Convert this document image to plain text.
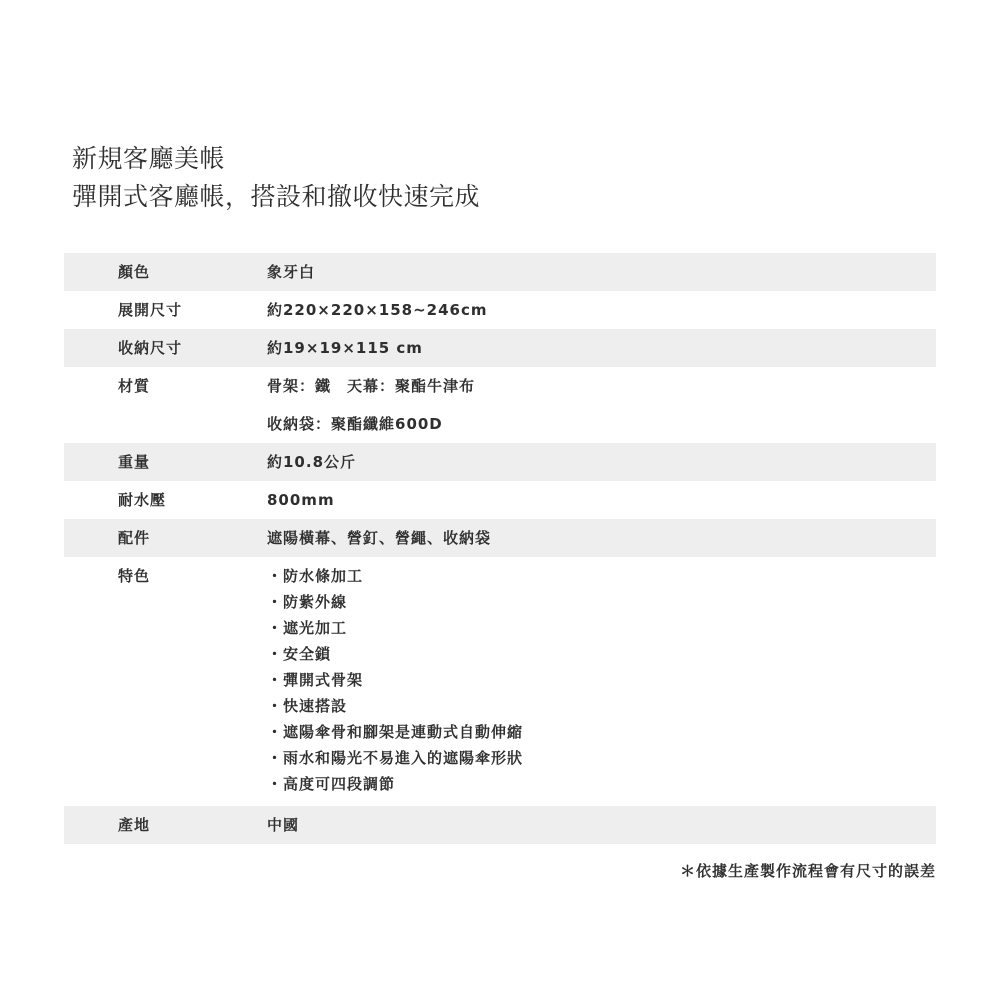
新規客廳美帳
彈開式客廳帳，搭設和撤收快速完成
顏色	象牙白
展開尺寸	約220×220×158~246cm
收納尺寸	約19×19×115 cm
材質	骨架：鐵　天幕：聚酯牛津布
收納袋：聚酯纖維600D
重量	約10.8公斤
耐水壓	800mm
配件	遮陽橫幕、營釘、營繩、收納袋
特色	・防水條加工
・防紫外線
・遮光加工
・安全鎖
・彈開式骨架
・快速搭設
・遮陽傘骨和腳架是連動式自動伸縮
・雨水和陽光不易進入的遮陽傘形狀
・高度可四段調節
產地	中國
＊依據生產製作流程會有尺寸的誤差
